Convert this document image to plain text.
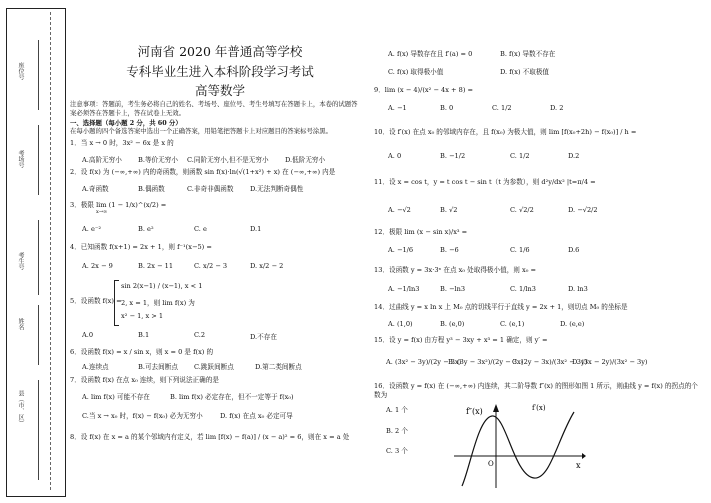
座位号
考场号
考生号
姓名
县（市、区）
河南省 2020 年普通高等学校
专科毕业生进入本科阶段学习考试
高等数学
注意事项：答题前，考生务必将自己的姓名、考场号、座位号、考生号填写在答题卡上，本卷的试题答
案必须答在答题卡上，答在试卷上无效。
一、选择题（每小题 2 分，共 60 分）
在每小题的四个备选答案中选出一个正确答案，用铅笔把答题卡上对应题目的答案标号涂黑。
1．当 x → 0 时，3x² − 6x 是 x 的
A.高阶无穷小 B.等价无穷小 C.同阶无穷小,但不是无穷小 D.低阶无穷小
2．设 f(x) 为 (−∞,+∞) 内的奇函数，则函数 sin f(x)·ln(√(1+x²) + x) 在 (−∞,+∞) 内是
A.奇函数	B.偶函数	C.非奇非偶函数	D.无法判断奇偶性
3．极限 lim (1 − 1/x)^(x/2) =
x→∞
A. e⁻²	B. e²	C. e	D.1
4．已知函数 f(x+1) = 2x + 1，则 f⁻¹(x−5) =
A. 2x − 9	B. 2x − 11	C. x/2 − 3	D. x/2 − 2
5．设函数 f(x) =
sin 2(x−1) / (x−1), x < 1
2, x = 1，则 lim f(x) 为
x² − 1, x > 1
A.0	B.1	C.2	D.不存在
6．设函数 f(x) = x / sin x，则 x = 0 是 f(x) 的
A.连续点	B.可去间断点 C.跳跃间断点	D.第二类间断点
7．设函数 f(x) 在点 x₀ 连续，则下列说法正确的是
A. lim f(x) 可能不存在	B. lim f(x) 必定存在，但不一定等于 f(x₀)
C.当 x → x₀ 时，f(x) − f(x₀) 必为无穷小	D. f(x) 在点 x₀ 必定可导
8．设 f(x) 在 x = a 的某个邻域内有定义，若 lim [f(x) − f(a)] / (x − a)² = 6，则在 x = a 处
A. f(x) 导数存在且 f′(a) = 0	B. f(x) 导数不存在
C. f(x) 取得极小值	D. f(x) 不取极值
9．lim (x − 4)/(x² − 4x + 8) =
A. −1	B. 0	C. 1/2	D. 2
10．设 f′(x) 在点 x₀ 的邻域内存在，且 f(x₀) 为极大值，则 lim [f(x₀+2h) − f(x₀)] / h =
A. 0	B. −1/2	C. 1/2	D.2
11．设 x = cos t，y = t cos t − sin t（t 为参数），则 d²y/dx² |t=π/4 =
A. −√2	B. √2	C. √2/2	D. −√2/2
12．极限 lim (x − sin x)/x³ =
A. −1/6	B. −6	C. 1/6	D.6
13．设函数 y = 3x·3ˣ 在点 x₀ 处取得极小值，则 x₀ =
A. −1/ln3	B. −ln3	C. 1/ln3	D. ln3
14．过曲线 y = x ln x 上 M₀ 点的切线平行于直线 y = 2x + 1，则切点 M₀ 的坐标是
A. (1,0)	B. (e,0)	C. (e,1)	D. (e,e)
15．设 y = f(x) 由方程 y³ − 3xy + x³ = 1 确定，则 y′ =
A. (3x² − 3y)/(2y − 3x)
B. (3y − 3x²)/(2y − 3x)
C. (2y − 3x)/(3x² − 3y)
D. (3x − 2y)/(3x² − 3y)
16．设函数 y = f(x) 在 (−∞,+∞) 内连续，其二阶导数 f″(x) 的图形如图 1 所示，则曲线 y = f(x) 的拐点的个数为
A. 1 个
B. 2 个
C. 3 个
f″(x)	f′(x)
x
O
